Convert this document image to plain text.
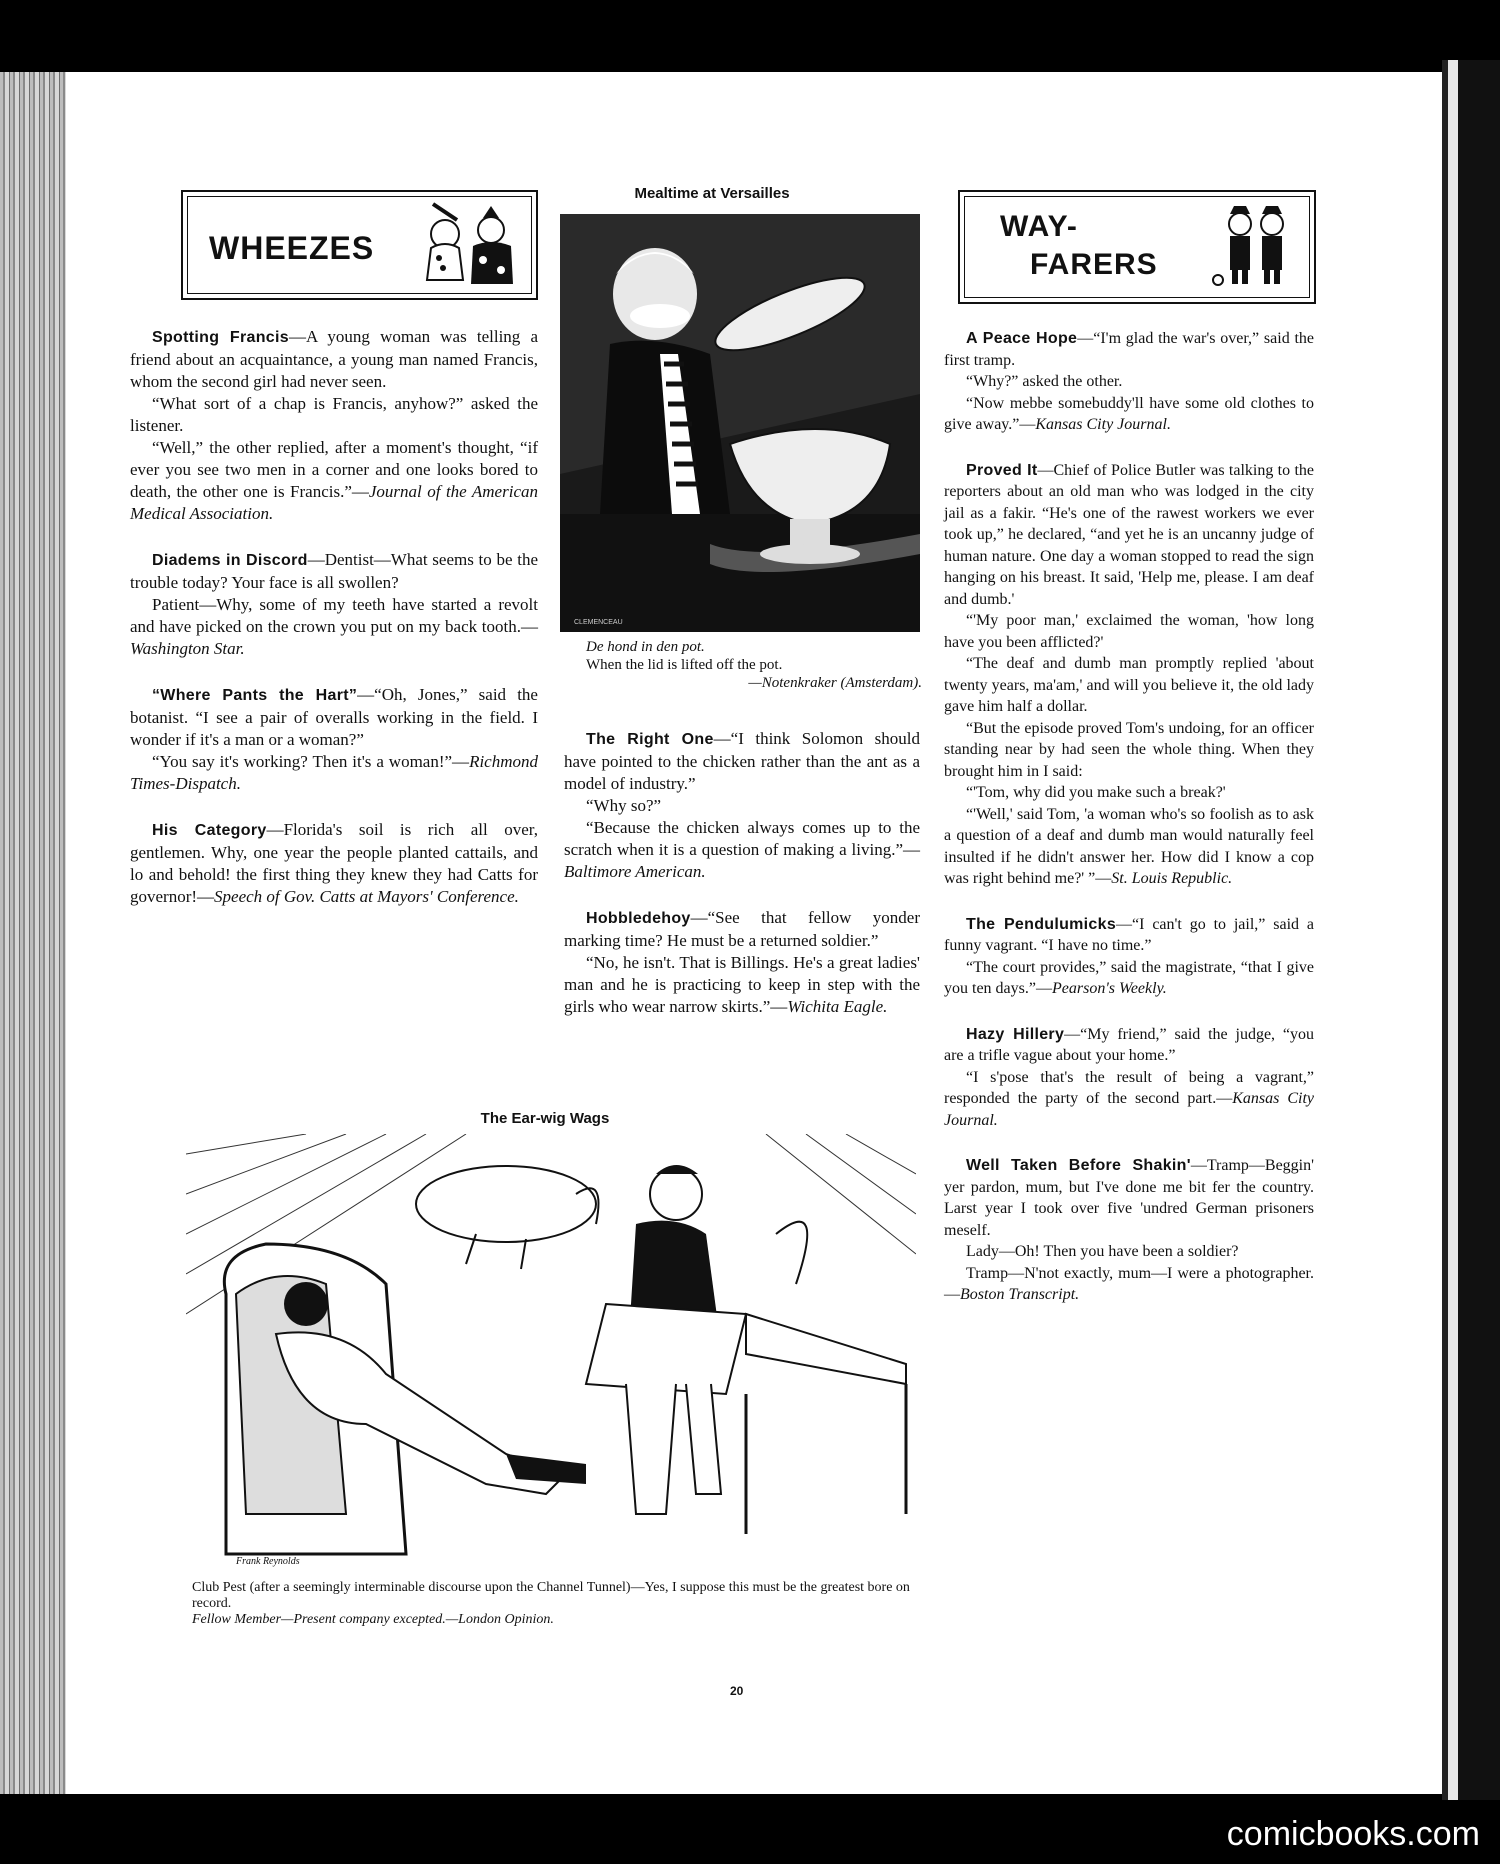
WHEEZES
WAY-
FARERS

Spotting Francis—A young woman was telling a friend about an acquaintance, a young man named Francis, whom the second girl had never seen.

“What sort of a chap is Francis, anyhow?” asked the listener.

“Well,” the other replied, after a moment's thought, “if ever you see two men in a corner and one looks bored to death, the other one is Francis.”—Journal of the American Medical Association.

Diadems in Discord—Dentist—What seems to be the trouble today? Your face is all swollen?

Patient—Why, some of my teeth have started a revolt and have picked on the crown you put on my back tooth.—Washington Star.

“Where Pants the Hart”—“Oh, Jones,” said the botanist. “I see a pair of overalls working in the field. I wonder if it's a man or a woman?”

“You say it's working? Then it's a woman!”—Richmond Times-Dispatch.

His Category—Florida's soil is rich all over, gentlemen. Why, one year the people planted cattails, and lo and behold! the first thing they knew they had Catts for governor!—Speech of Gov. Catts at Mayors' Conference.

Mealtime at Versailles
CLEMENCEAU
De hond in den pot.
When the lid is lifted off the pot.
—Notenkraker (Amsterdam).

The Right One—“I think Solomon should have pointed to the chicken rather than the ant as a model of industry.”

“Why so?”

“Because the chicken always comes up to the scratch when it is a question of making a living.”—Baltimore American.

Hobbledehoy—“See that fellow yonder marking time? He must be a returned soldier.”

“No, he isn't. That is Billings. He's a great ladies' man and he is practicing to keep in step with the girls who wear narrow skirts.”—Wichita Eagle.

A Peace Hope—“I'm glad the war's over,” said the first tramp.

“Why?” asked the other.

“Now mebbe somebuddy'll have some old clothes to give away.”—Kansas City Journal.

Proved It—Chief of Police Butler was talking to the reporters about an old man who was lodged in the city jail as a fakir. “He's one of the rawest workers we ever took up,” he declared, “and yet he is an uncanny judge of human nature. One day a woman stopped to read the sign hanging on his breast. It said, 'Help me, please. I am deaf and dumb.'

“'My poor man,' exclaimed the woman, 'how long have you been afflicted?'

“The deaf and dumb man promptly replied 'about twenty years, ma'am,' and will you believe it, the old lady gave him half a dollar.

“But the episode proved Tom's undoing, for an officer standing near by had seen the whole thing. When they brought him in I said:

“'Tom, why did you make such a break?'

“'Well,' said Tom, 'a woman who's so foolish as to ask a question of a deaf and dumb man would naturally feel insulted if he didn't answer her. How did I know a cop was right behind me?' ”—St. Louis Republic.

The Pendulumicks—“I can't go to jail,” said a funny vagrant. “I have no time.”

“The court provides,” said the magistrate, “that I give you ten days.”—Pearson's Weekly.

Hazy Hillery—“My friend,” said the judge, “you are a trifle vague about your home.”

“I s'pose that's the result of being a vagrant,” responded the party of the second part.—Kansas City Journal.

Well Taken Before Shakin'—Tramp—Beggin' yer pardon, mum, but I've done me bit fer the country. Larst year I took over five 'undred German prisoners meself.

Lady—Oh! Then you have been a soldier?

Tramp—N'not exactly, mum—I were a photographer.—Boston Transcript.

The Ear-wig Wags
Frank Reynolds
Club Pest (after a seemingly interminable discourse upon the Channel Tunnel)—Yes, I suppose this must be the greatest bore on record.
Fellow Member—Present company excepted.—London Opinion.
20
comicbooks.com
